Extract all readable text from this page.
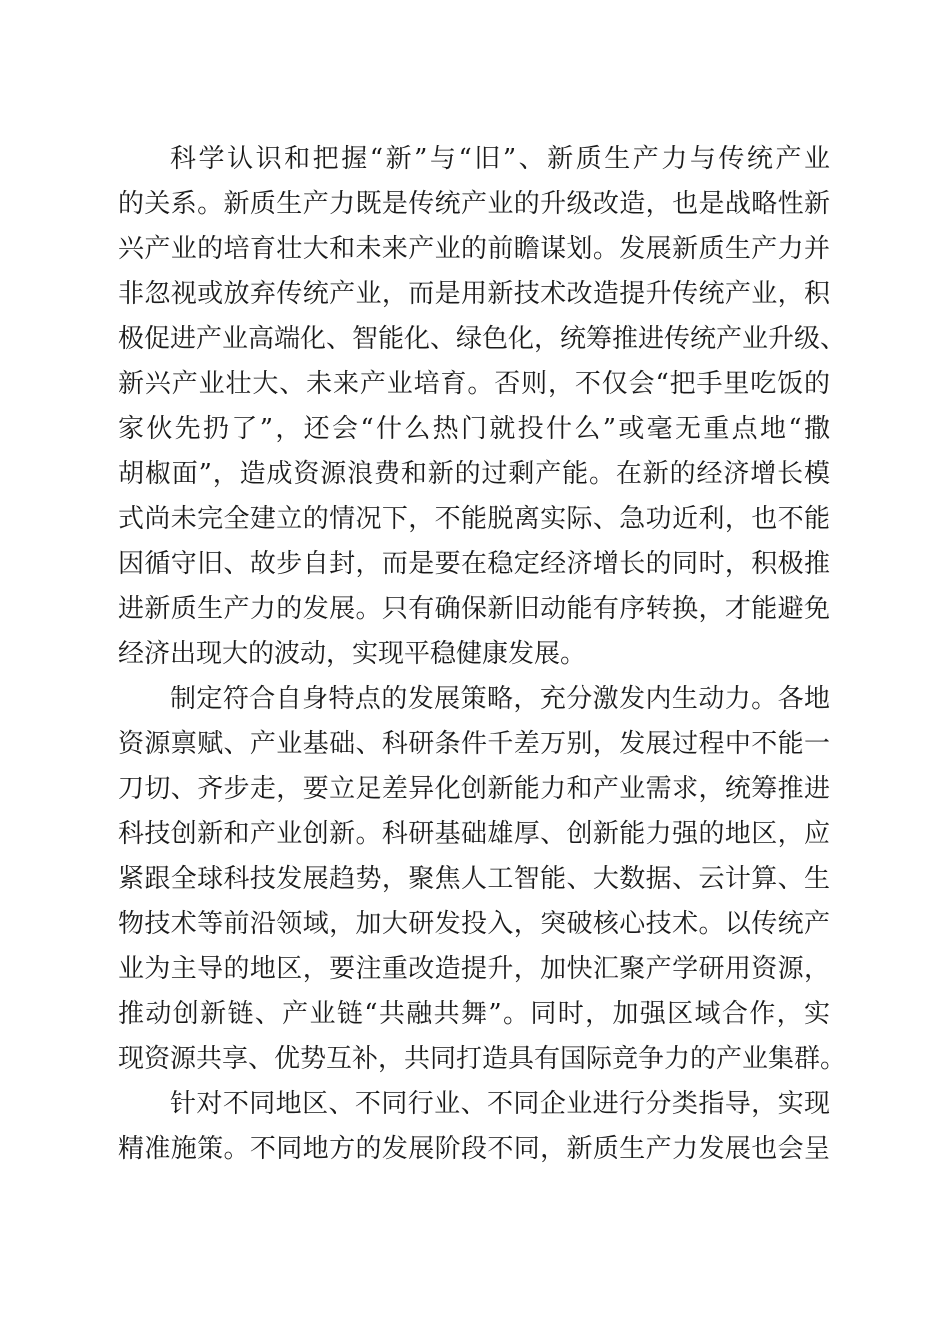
科学认识和把握“新”与“旧”、新质生产力与传统产业
的关系。新质生产力既是传统产业的升级改造，也是战略性新
兴产业的培育壮大和未来产业的前瞻谋划。发展新质生产力并
非忽视或放弃传统产业，而是用新技术改造提升传统产业，积
极促进产业高端化、智能化、绿色化，统筹推进传统产业升级、
新兴产业壮大、未来产业培育。否则，不仅会“把手里吃饭的
家伙先扔了”，还会“什么热门就投什么”或毫无重点地“撒
胡椒面”，造成资源浪费和新的过剩产能。在新的经济增长模
式尚未完全建立的情况下，不能脱离实际、急功近利，也不能
因循守旧、故步自封，而是要在稳定经济增长的同时，积极推
进新质生产力的发展。只有确保新旧动能有序转换，才能避免
经济出现大的波动，实现平稳健康发展。
制定符合自身特点的发展策略，充分激发内生动力。各地
资源禀赋、产业基础、科研条件千差万别，发展过程中不能一
刀切、齐步走，要立足差异化创新能力和产业需求，统筹推进
科技创新和产业创新。科研基础雄厚、创新能力强的地区，应
紧跟全球科技发展趋势，聚焦人工智能、大数据、云计算、生
物技术等前沿领域，加大研发投入，突破核心技术。以传统产
业为主导的地区，要注重改造提升，加快汇聚产学研用资源，
推动创新链、产业链“共融共舞”。同时，加强区域合作，实
现资源共享、优势互补，共同打造具有国际竞争力的产业集群。
针对不同地区、不同行业、不同企业进行分类指导，实现
精准施策。不同地方的发展阶段不同，新质生产力发展也会呈
